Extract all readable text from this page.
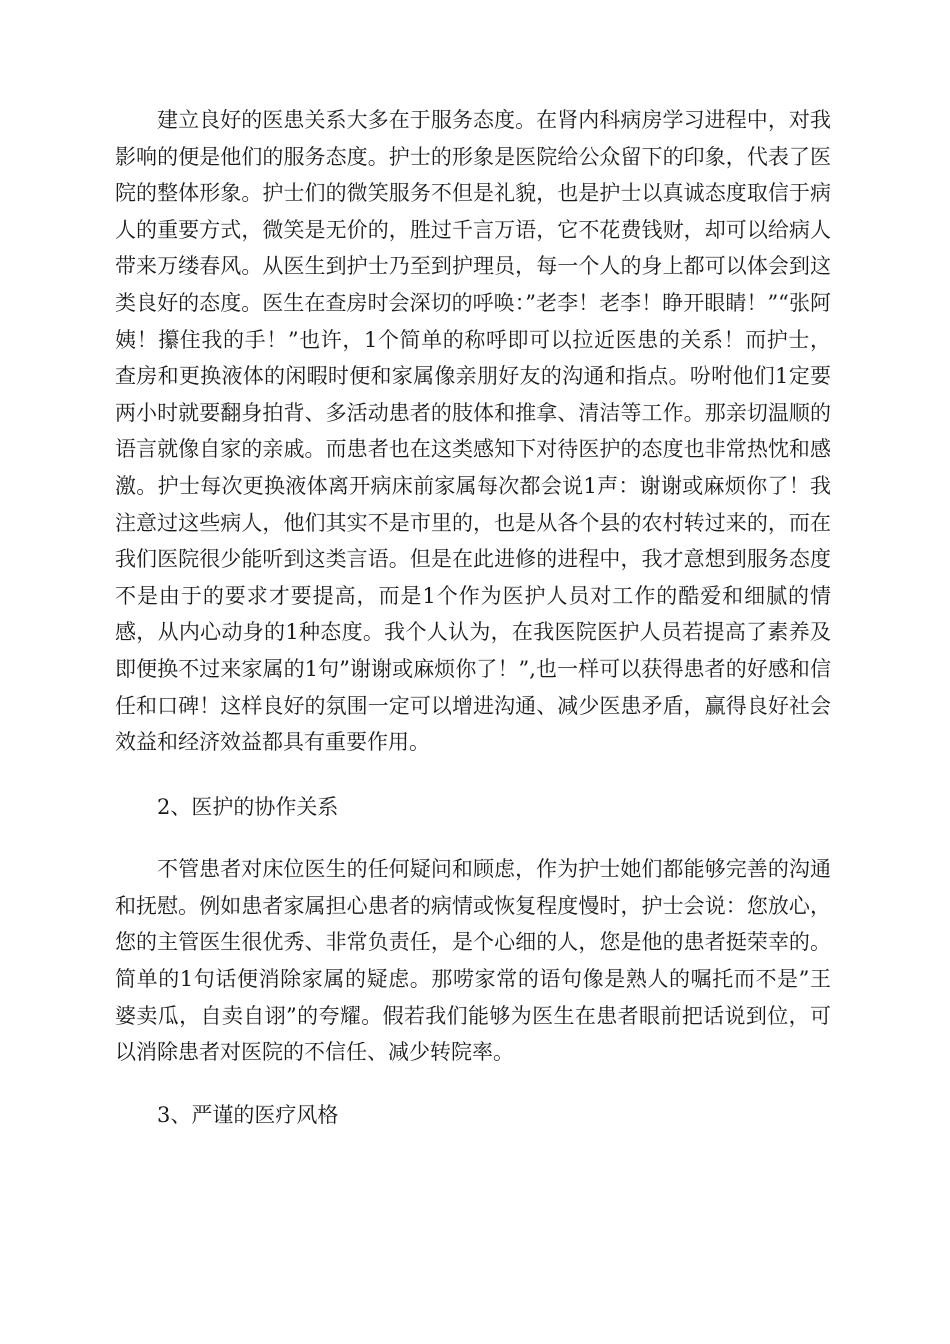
建立良好的医患关系大多在于服务态度。在肾内科病房学习进程中，对我影响的便是他们的服务态度。护士的形象是医院给公众留下的印象，代表了医院的整体形象。护士们的微笑服务不但是礼貌，也是护士以真诚态度取信于病人的重要方式，微笑是无价的，胜过千言万语，它不花费钱财，却可以给病人带来万缕春风。从医生到护士乃至到护理员，每一个人的身上都可以体会到这类良好的态度。医生在查房时会深切的呼唤：”老李！老李！睁开眼睛！”“张阿姨！攥住我的手！”也许，1个简单的称呼即可以拉近医患的关系！而护士，查房和更换液体的闲暇时便和家属像亲朋好友的沟通和指点。吩咐他们1定要两小时就要翻身拍背、多活动患者的肢体和推拿、清洁等工作。那亲切温顺的语言就像自家的亲戚。而患者也在这类感知下对待医护的态度也非常热忱和感激。护士每次更换液体离开病床前家属每次都会说1声：谢谢或麻烦你了！我注意过这些病人，他们其实不是市里的，也是从各个县的农村转过来的，而在我们医院很少能听到这类言语。但是在此进修的进程中，我才意想到服务态度不是由于的要求才要提高，而是1个作为医护人员对工作的酷爱和细腻的情感，从内心动身的1种态度。我个人认为，在我医院医护人员若提高了素养及即便换不过来家属的1句”谢谢或麻烦你了！”,也一样可以获得患者的好感和信任和口碑！这样良好的氛围一定可以增进沟通、减少医患矛盾，赢得良好社会效益和经济效益都具有重要作用。

2、医护的协作关系

不管患者对床位医生的任何疑问和顾虑，作为护士她们都能够完善的沟通和抚慰。例如患者家属担心患者的病情或恢复程度慢时，护士会说：您放心，您的主管医生很优秀、非常负责任，是个心细的人，您是他的患者挺荣幸的。简单的1句话便消除家属的疑虑。那唠家常的语句像是熟人的嘱托而不是”王婆卖瓜，自卖自诩”的夸耀。假若我们能够为医生在患者眼前把话说到位，可以消除患者对医院的不信任、减少转院率。

3、严谨的医疗风格
